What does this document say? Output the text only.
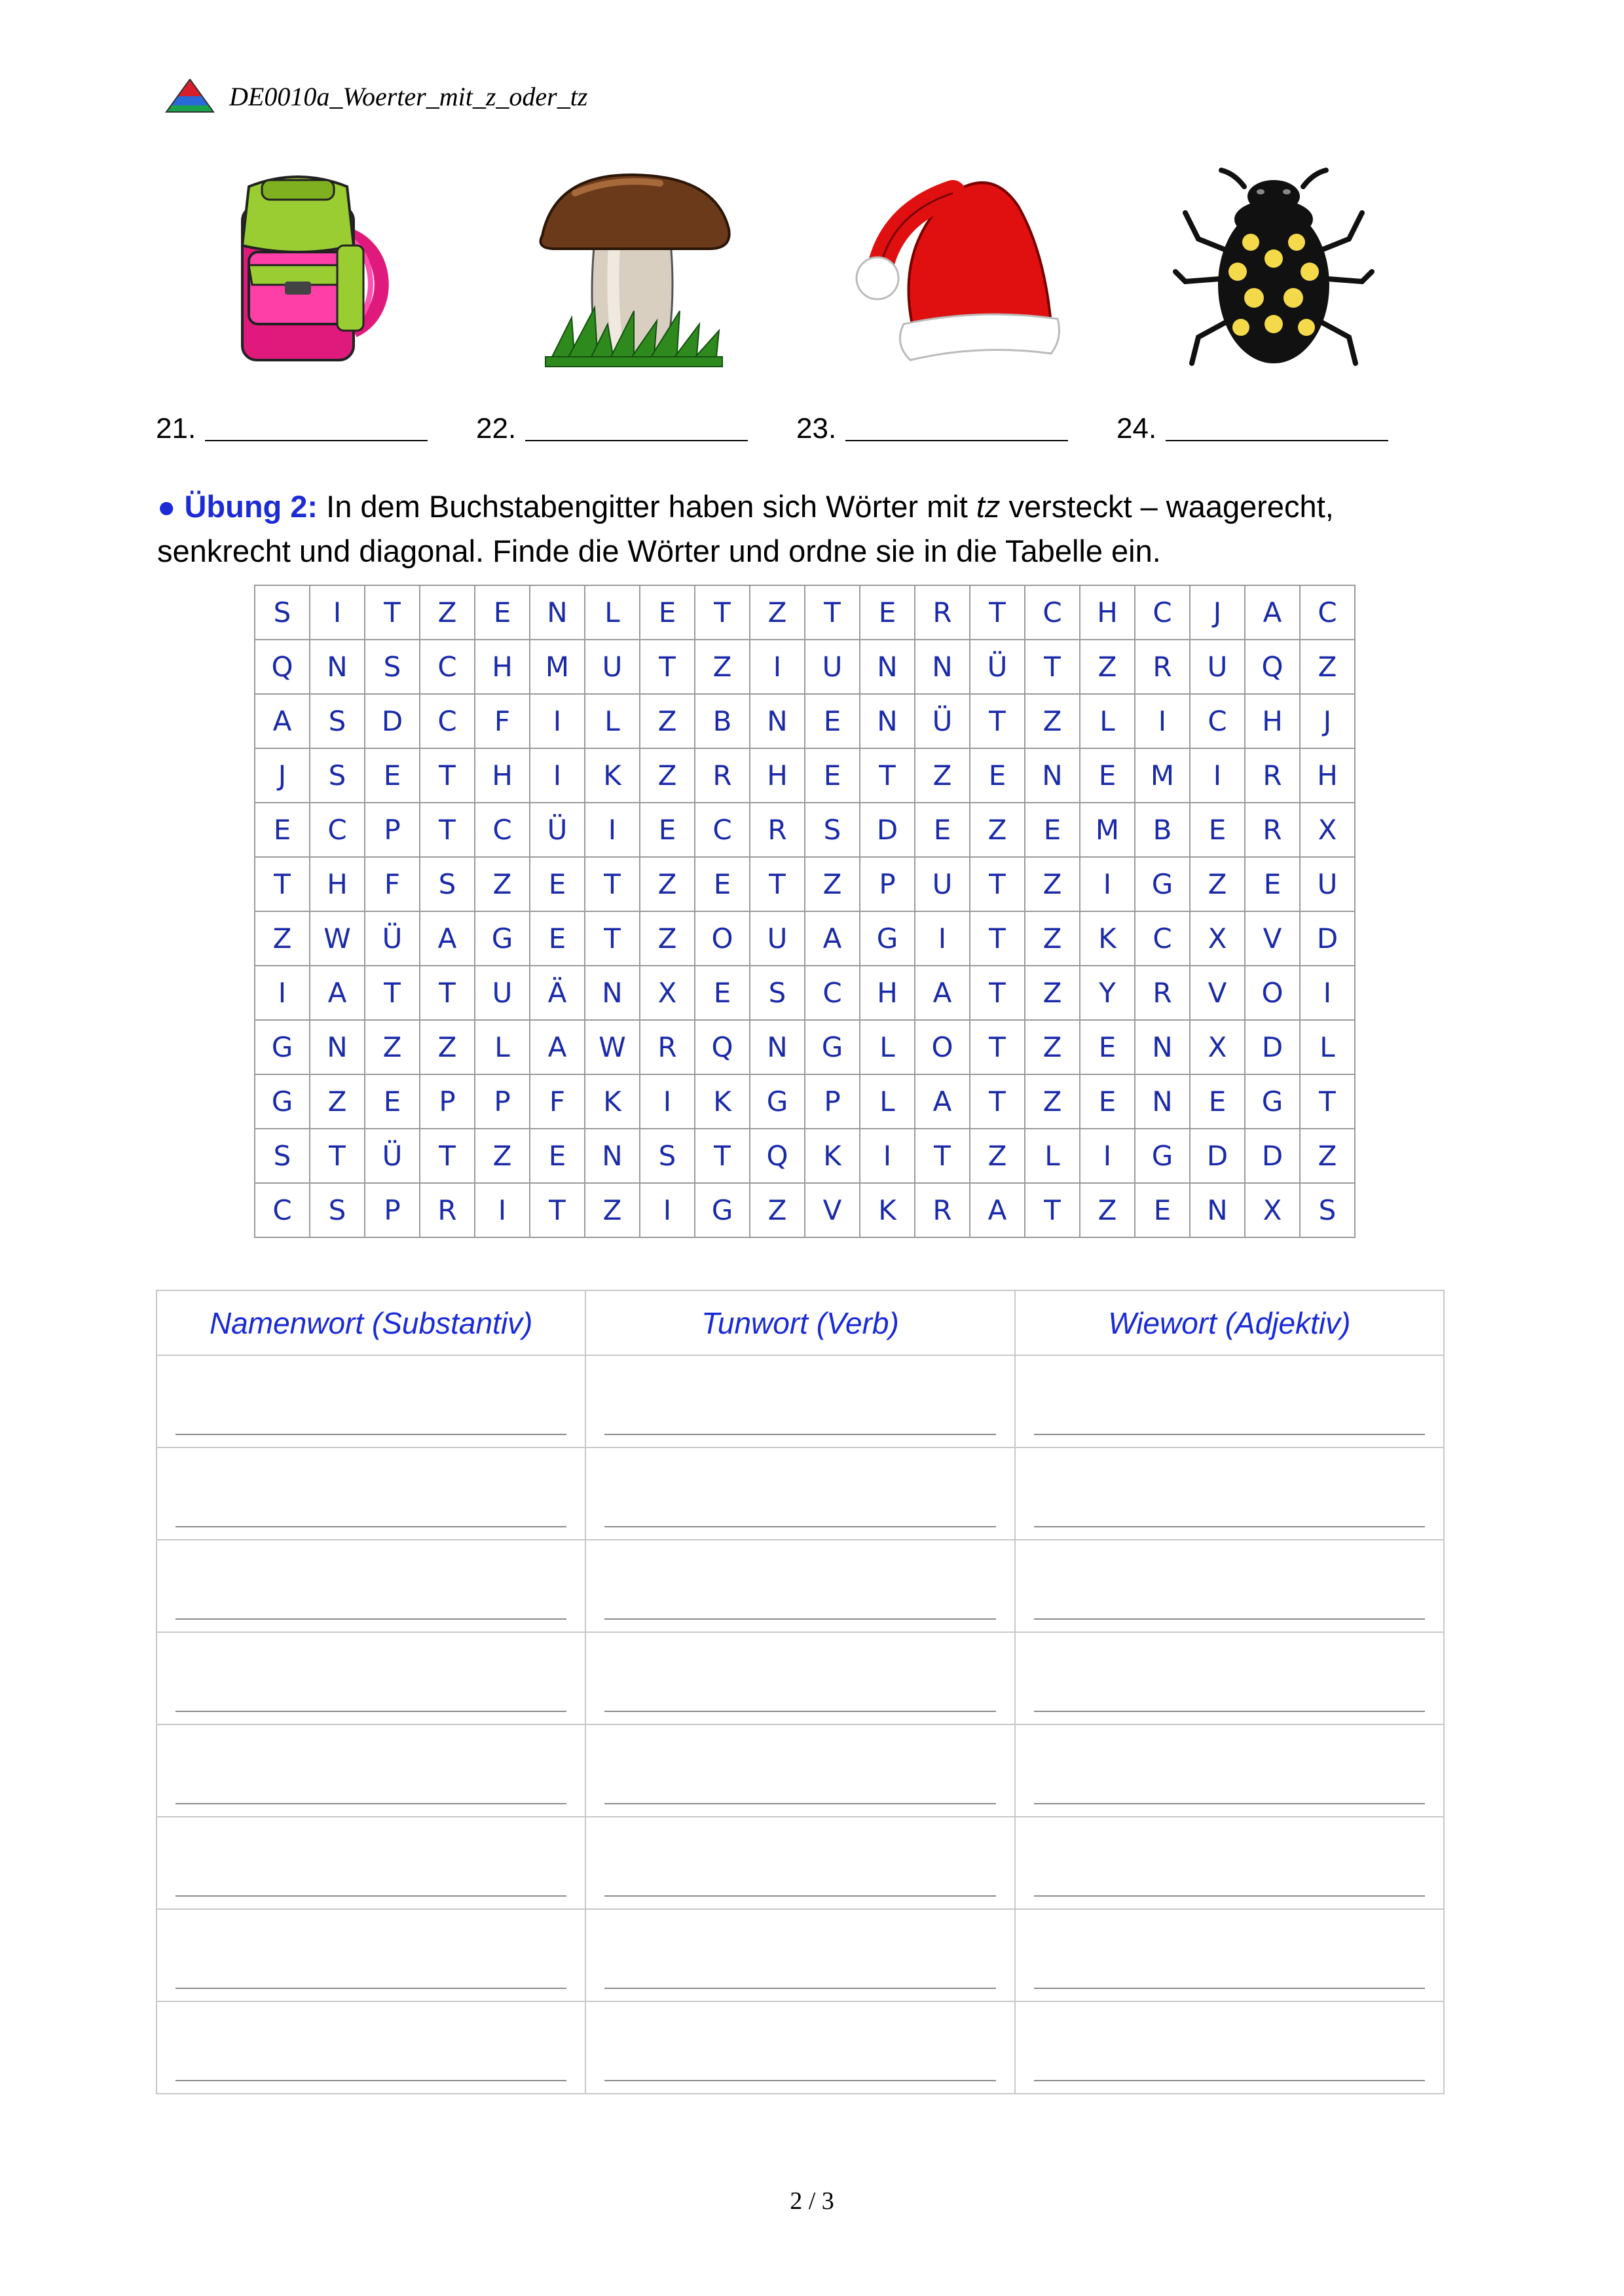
DE0010a_Woerter_mit_z_oder_tz
21.	22.	23.	24.
● Übung 2: In dem Buchstabengitter haben sich Wörter mit tz versteckt – waagerecht, senkrecht und diagonal. Finde die Wörter und ordne sie in die Tabelle ein.
S	I	T	Z	E	N	L	E	T	Z	T	E	R	T	C	H	C	J	A	C
Q	N	S	C	H	M	U	T	Z	I	U	N	N	Ü	T	Z	R	U	Q	Z
A	S	D	C	F	I	L	Z	B	N	E	N	Ü	T	Z	L	I	C	H	J
J	S	E	T	H	I	K	Z	R	H	E	T	Z	E	N	E	M	I	R	H
E	C	P	T	C	Ü	I	E	C	R	S	D	E	Z	E	M	B	E	R	X
T	H	F	S	Z	E	T	Z	E	T	Z	P	U	T	Z	I	G	Z	E	U
Z	W	Ü	A	G	E	T	Z	O	U	A	G	I	T	Z	K	C	X	V	D
I	A	T	T	U	Ä	N	X	E	S	C	H	A	T	Z	Y	R	V	O	I
G	N	Z	Z	L	A	W	R	Q	N	G	L	O	T	Z	E	N	X	D	L
G	Z	E	P	P	F	K	I	K	G	P	L	A	T	Z	E	N	E	G	T
S	T	Ü	T	Z	E	N	S	T	Q	K	I	T	Z	L	I	G	D	D	Z
C	S	P	R	I	T	Z	I	G	Z	V	K	R	A	T	Z	E	N	X	S
Namenwort (Substantiv)	Tunwort (Verb)	Wiewort (Adjektiv)

2 / 3
